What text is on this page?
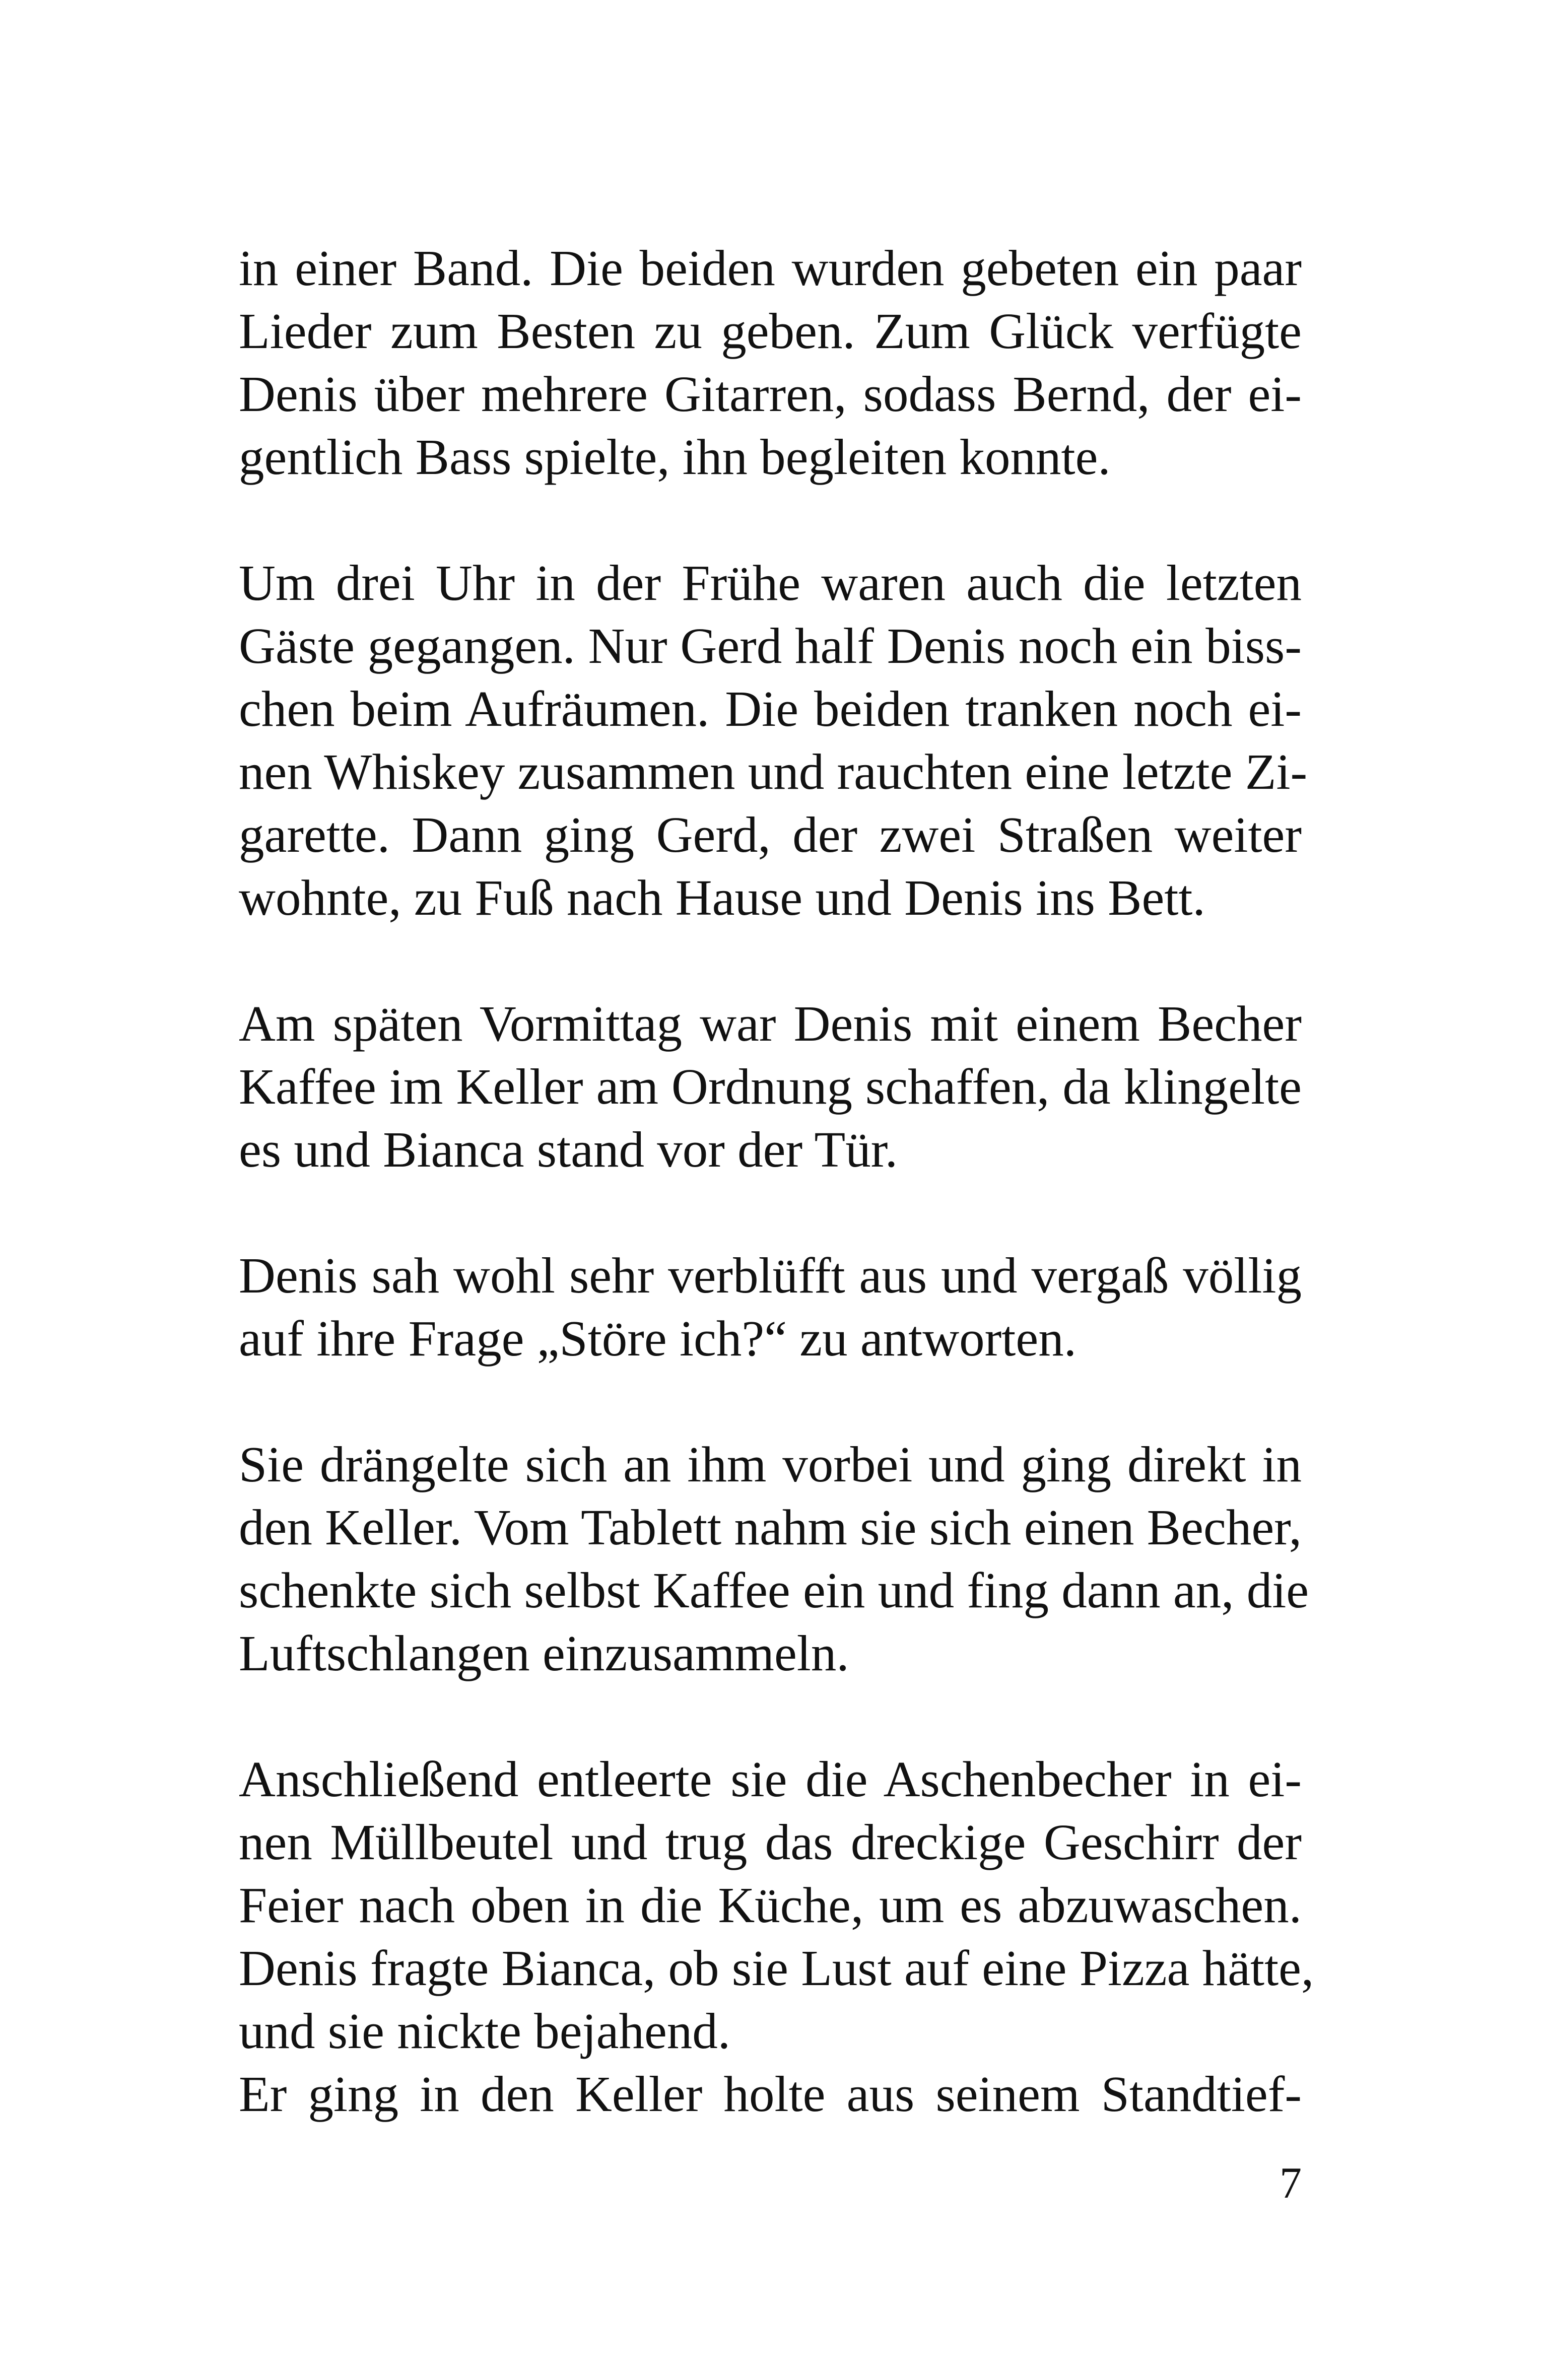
in einer Band. Die beiden wurden gebeten ein paar
Lieder zum Besten zu geben. Zum Glück verfügte
Denis über mehrere Gitarren, sodass Bernd, der ei-
gentlich Bass spielte, ihn begleiten konnte.
Um drei Uhr in der Frühe waren auch die letzten
Gäste gegangen. Nur Gerd half Denis noch ein biss-
chen beim Aufräumen. Die beiden tranken noch ei-
nen Whiskey zusammen und rauchten eine letzte Zi-
garette. Dann ging Gerd, der zwei Straßen weiter
wohnte, zu Fuß nach Hause und Denis ins Bett.
Am späten Vormittag war Denis mit einem Becher
Kaffee im Keller am Ordnung schaffen, da klingelte
es und Bianca stand vor der Tür.
Denis sah wohl sehr verblüfft aus und vergaß völlig
auf ihre Frage „Störe ich?“ zu antworten.
Sie drängelte sich an ihm vorbei und ging direkt in
den Keller. Vom Tablett nahm sie sich einen Becher,
schenkte sich selbst Kaffee ein und fing dann an, die
Luftschlangen einzusammeln.
Anschließend entleerte sie die Aschenbecher in ei-
nen Müllbeutel und trug das dreckige Geschirr der
Feier nach oben in die Küche, um es abzuwaschen.
Denis fragte Bianca, ob sie Lust auf eine Pizza hätte,
und sie nickte bejahend.
Er ging in den Keller holte aus seinem Standtief-
7
